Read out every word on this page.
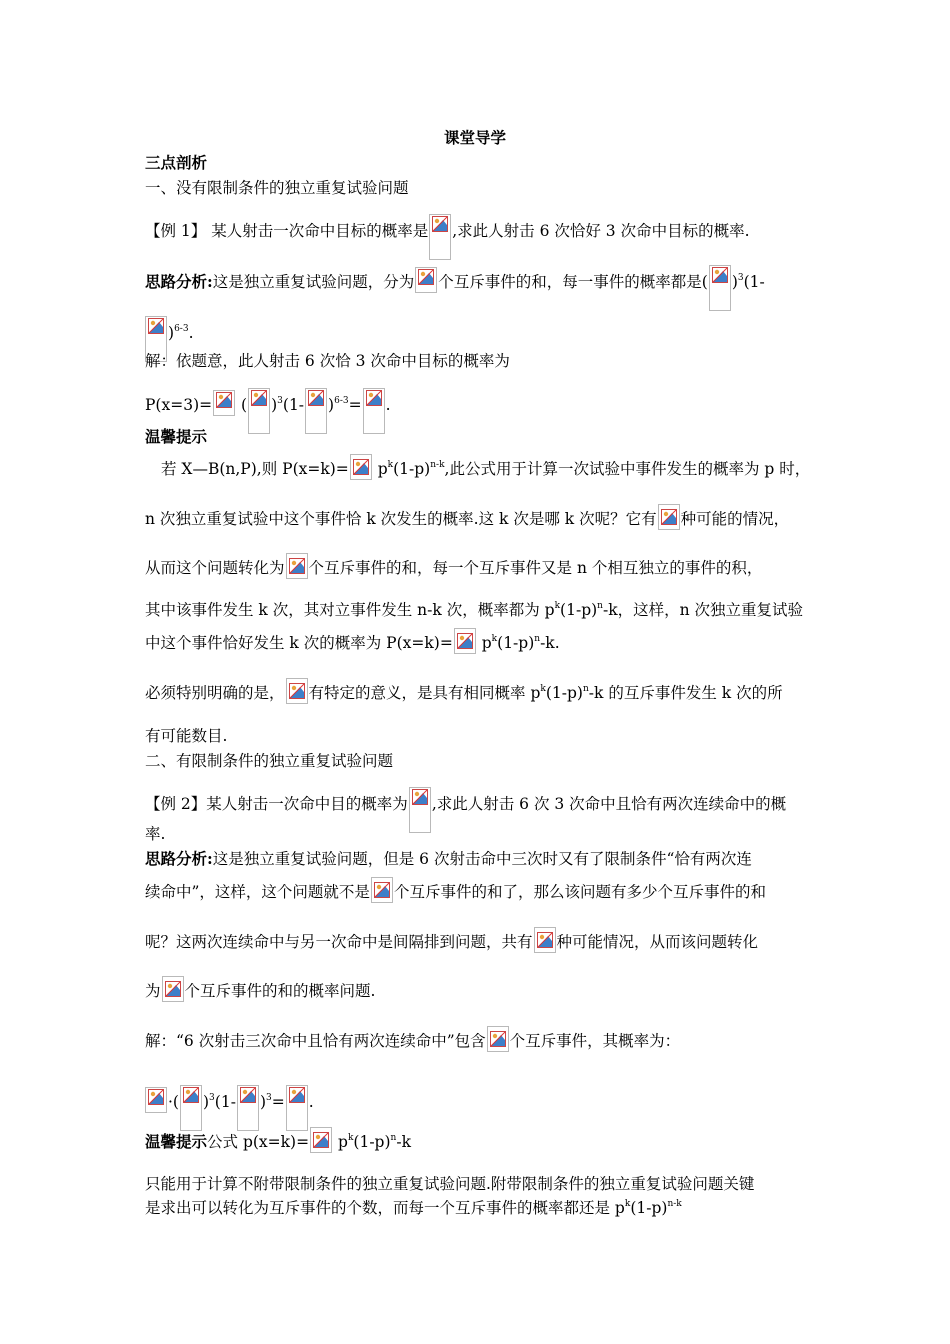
课堂导学
三点剖析
一、没有限制条件的独立重复试验问题
【例 1】 某人射击一次命中目标的概率是 ,求此人射击 6 次恰好 3 次命中目标的概率.
思路分析:这是独立重复试验问题，分为 个互斥事件的和，每一事件的概率都是( )$^3$(1-
)$^{6-3}$.
解：依题意，此人射击 6 次恰 3 次命中目标的概率为
P(x=3)=
( )$^3$(1- )$^{6-3}$= .
温馨提示
若 X—B(n,P),则 P(x=k)=
$p^k(1-p)^{n-k}$,此公式用于计算一次试验中事件发生的概率为 p 时，
n 次独立重复试验中这个事件恰 k 次发生的概率.这 k 次是哪 k 次呢？它有 种可能的情况，
从而这个问题转化为 个互斥事件的和，每一个互斥事件又是 n 个相互独立的事件的积，
其中该事件发生 k 次，其对立事件发生 n-k 次，概率都为 $p^k(1-p)^n-k$，这样，n 次独立重复试验
中这个事件恰好发生 k 次的概率为 P(x=k)=
$p^k(1-p)^n-k$.
必须特别明确的是， 有特定的意义，是具有相同概率 $p^k(1-p)^n-k$ 的互斥事件发生 k 次的所
有可能数目.
二、有限制条件的独立重复试验问题
【例 2】某人射击一次命中目的概率为 ,求此人射击 6 次 3 次命中且恰有两次连续命中的概
率.
思路分析:这是独立重复试验问题，但是 6 次射击命中三次时又有了限制条件“恰有两次连
续命中”，这样，这个问题就不是 个互斥事件的和了，那么该问题有多少个互斥事件的和
呢？这两次连续命中与另一次命中是间隔排到问题，共有 种可能情况，从而该问题转化
为 个互斥事件的和的概率问题.
解：“6 次射击三次命中且恰有两次连续命中”包含 个互斥事件，其概率为：
·( )$^3$(1- )$^3$= .
温馨提示公式 p(x=k)=
$p^k(1-p)^n-k$
只能用于计算不附带限制条件的独立重复试验问题.附带限制条件的独立重复试验问题关键
是求出可以转化为互斥事件的个数，而每一个互斥事件的概率都还是 $p^k(1-p)^{n-k}$
